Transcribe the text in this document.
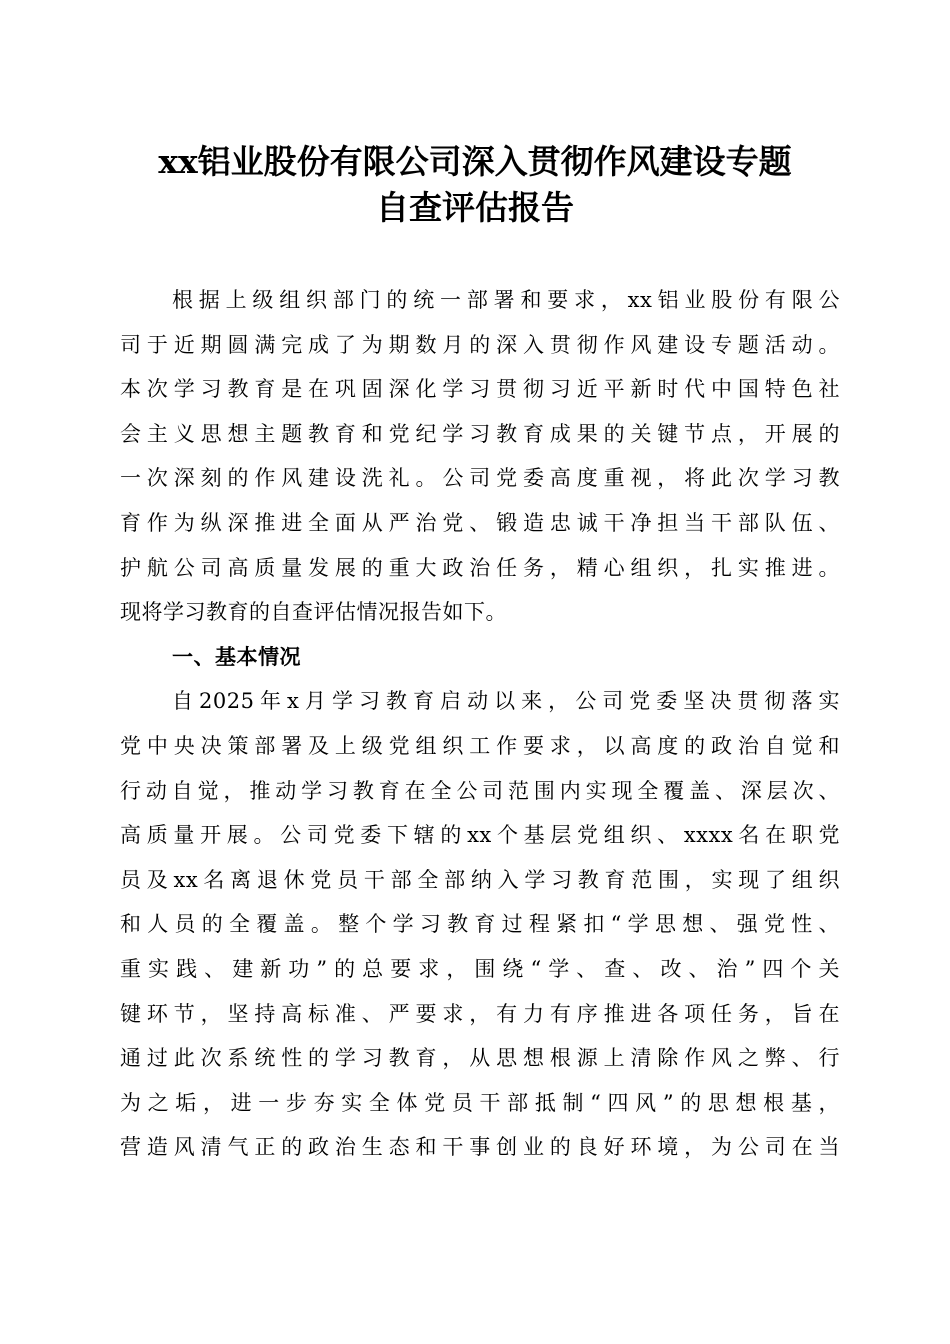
xx铝业股份有限公司深入贯彻作风建设专题
自查评估报告
根据上级组织部门的统一部署和要求，xx铝业股份有限公
司于近期圆满完成了为期数月的深入贯彻作风建设专题活动。
本次学习教育是在巩固深化学习贯彻习近平新时代中国特色社
会主义思想主题教育和党纪学习教育成果的关键节点，开展的
一次深刻的作风建设洗礼。公司党委高度重视，将此次学习教
育作为纵深推进全面从严治党、锻造忠诚干净担当干部队伍、
护航公司高质量发展的重大政治任务，精心组织，扎实推进。
现将学习教育的自查评估情况报告如下。
一、基本情况
自2025年x月学习教育启动以来，公司党委坚决贯彻落实
党中央决策部署及上级党组织工作要求，以高度的政治自觉和
行动自觉，推动学习教育在全公司范围内实现全覆盖、深层次、
高质量开展。公司党委下辖的xx个基层党组织、xxxx名在职党
员及xx名离退休党员干部全部纳入学习教育范围，实现了组织
和人员的全覆盖。整个学习教育过程紧扣“学思想、强党性、
重实践、建新功”的总要求，围绕“学、查、改、治”四个关
键环节，坚持高标准、严要求，有力有序推进各项任务，旨在
通过此次系统性的学习教育，从思想根源上清除作风之弊、行
为之垢，进一步夯实全体党员干部抵制“四风”的思想根基，
营造风清气正的政治生态和干事创业的良好环境，为公司在当
